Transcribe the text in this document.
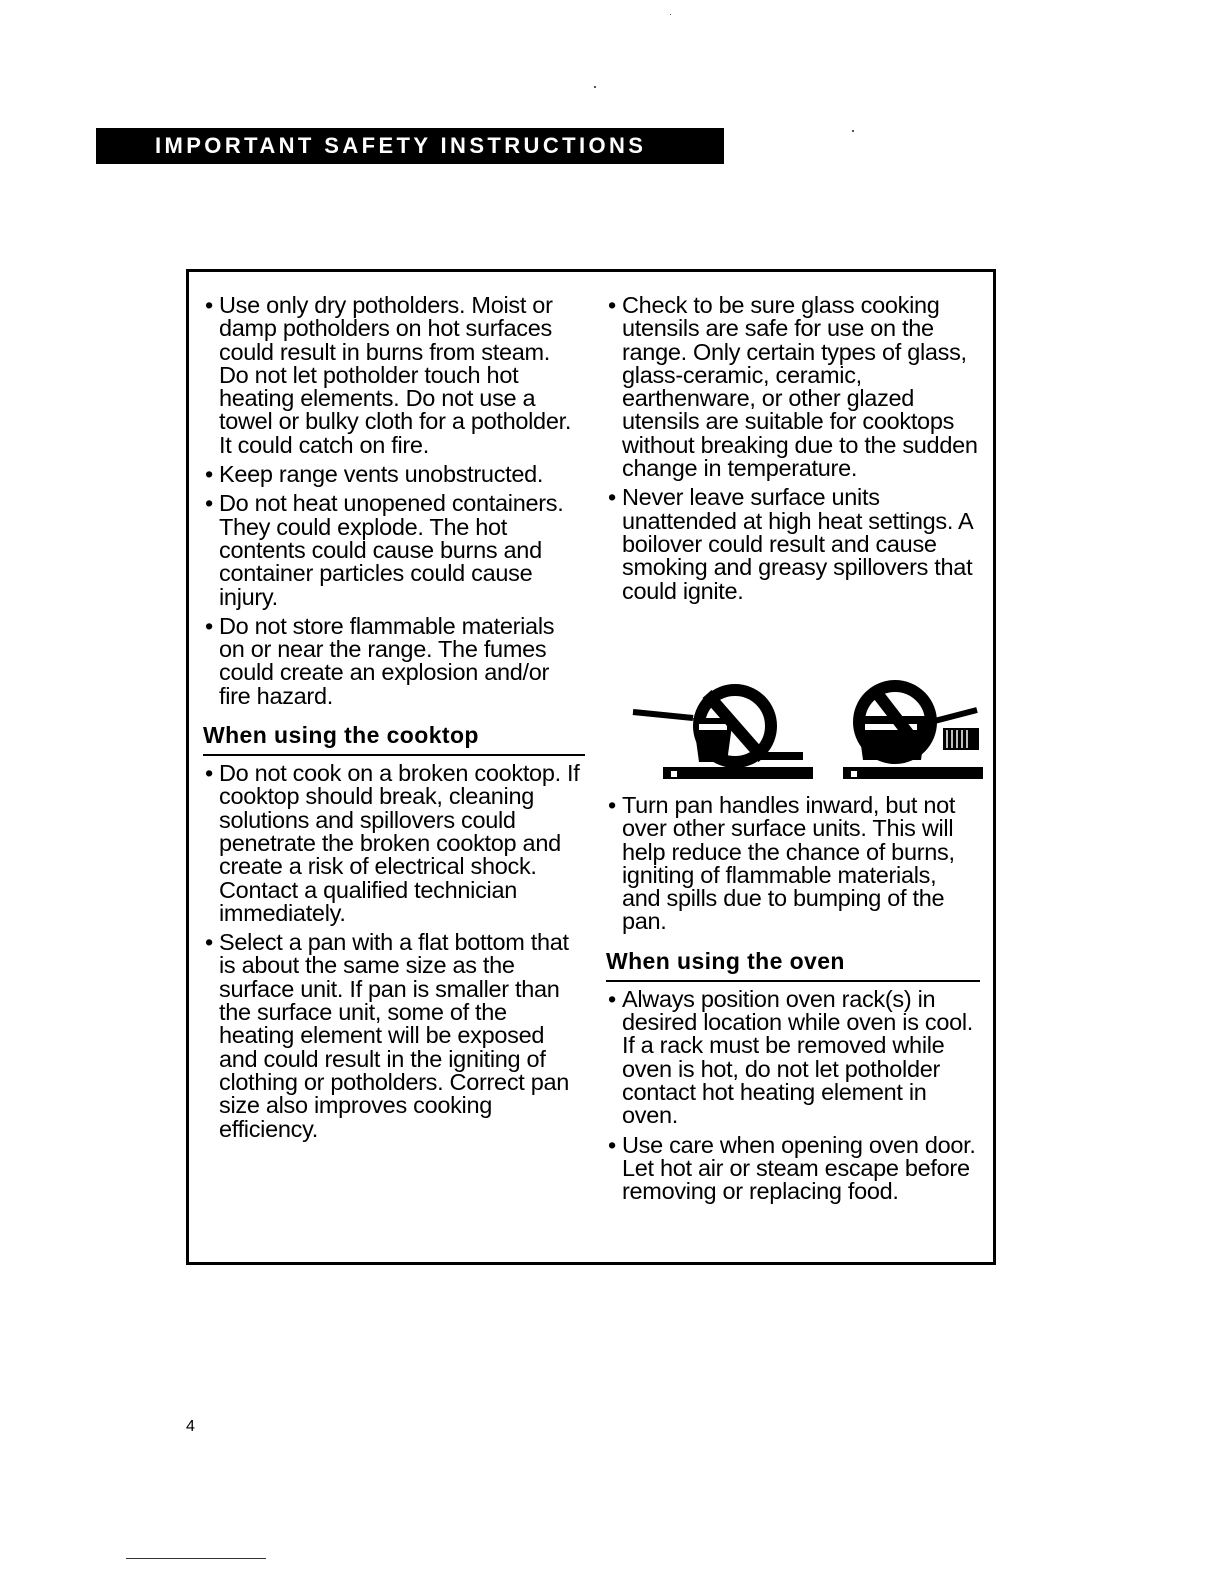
IMPORTANT SAFETY INSTRUCTIONS

• Use only dry potholders. Moist or damp potholders on hot surfaces could result in burns from steam. Do not let potholder touch hot heating elements. Do not use a towel or bulky cloth for a potholder. It could catch on fire.

• Keep range vents unobstructed.

• Do not heat unopened containers. They could explode. The hot contents could cause burns and container particles could cause injury.

• Do not store flammable materials on or near the range. The fumes could create an explosion and/or fire hazard.

When using the cooktop

• Do not cook on a broken cooktop. If cooktop should break, cleaning solutions and spillovers could penetrate the broken cooktop and create a risk of electrical shock. Contact a qualified technician immediately.

• Select a pan with a flat bottom that is about the same size as the surface unit. If pan is smaller than the surface unit, some of the heating element will be exposed and could result in the igniting of clothing or potholders. Correct pan size also improves cooking efficiency.

• Check to be sure glass cooking utensils are safe for use on the range. Only certain types of glass, glass-ceramic, ceramic, earthenware, or other glazed utensils are suitable for cooktops without breaking due to the sudden change in temperature.

• Never leave surface units unattended at high heat settings. A boilover could result and cause smoking and greasy spillovers that could ignite.

• Turn pan handles inward, but not over other surface units. This will help reduce the chance of burns, igniting of flammable materials, and spills due to bumping of the pan.

When using the oven

• Always position oven rack(s) in desired location while oven is cool. If a rack must be removed while oven is hot, do not let potholder contact hot heating element in oven.

• Use care when opening oven door. Let hot air or steam escape before removing or replacing food.

4
